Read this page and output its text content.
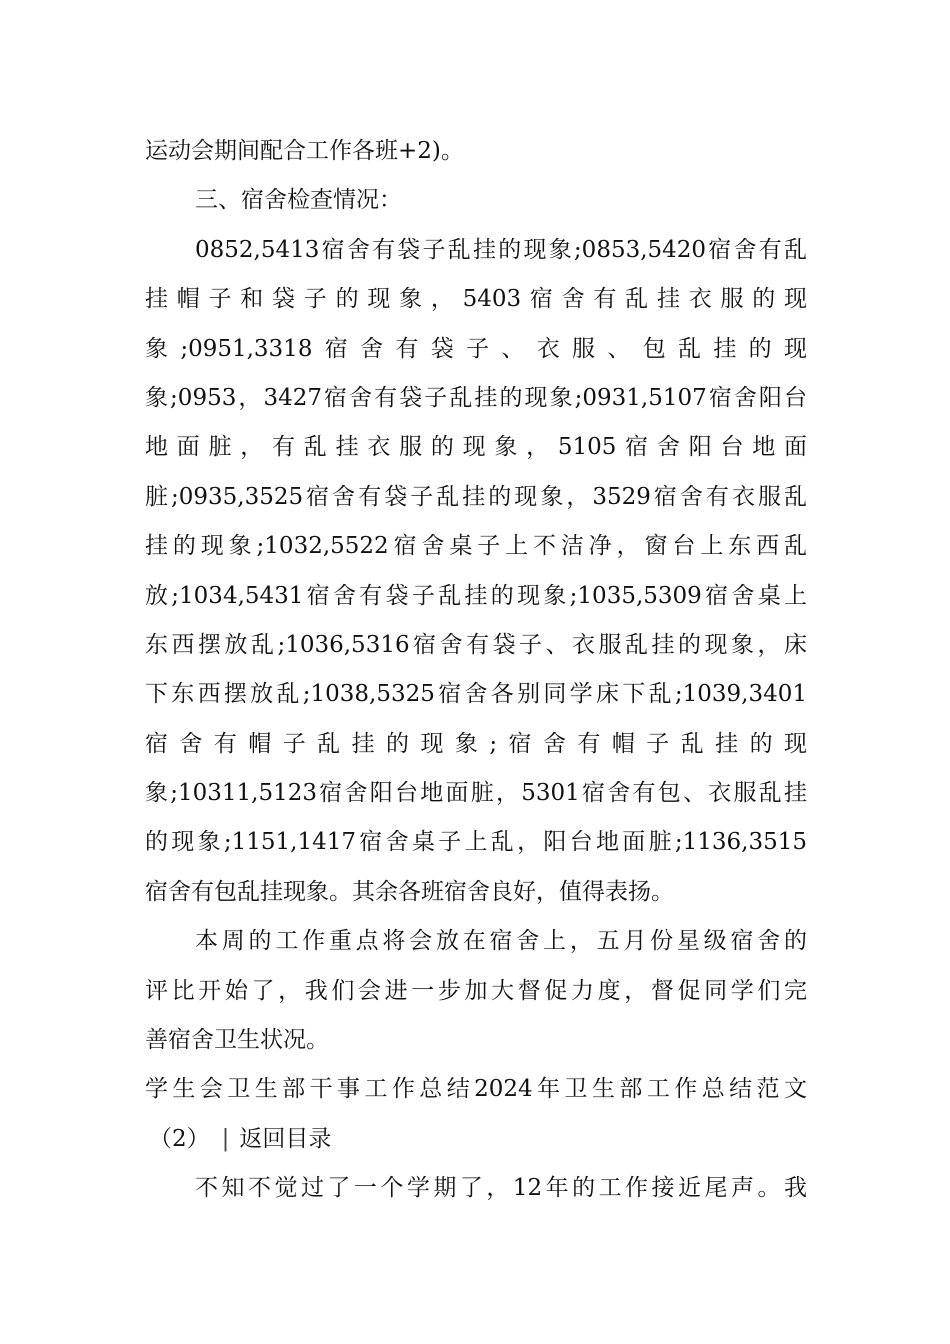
运动会期间配合工作各班+2)。
三、宿舍检查情况：
0852,5413宿舍有袋子乱挂的现象;0853,5420宿舍有乱
挂帽子和袋子的现象，5403宿舍有乱挂衣服的现
象;0951,3318宿舍有袋子、衣服、包乱挂的现
象;0953，3427宿舍有袋子乱挂的现象;0931,5107宿舍阳台
地面脏，有乱挂衣服的现象，5105宿舍阳台地面
脏;0935,3525宿舍有袋子乱挂的现象，3529宿舍有衣服乱
挂的现象;1032,5522宿舍桌子上不洁净，窗台上东西乱
放;1034,5431宿舍有袋子乱挂的现象;1035,5309宿舍桌上
东西摆放乱;1036,5316宿舍有袋子、衣服乱挂的现象，床
下东西摆放乱;1038,5325宿舍各别同学床下乱;1039,3401
宿舍有帽子乱挂的现象;宿舍有帽子乱挂的现
象;10311,5123宿舍阳台地面脏，5301宿舍有包、衣服乱挂
的现象;1151,1417宿舍桌子上乱，阳台地面脏;1136,3515
宿舍有包乱挂现象。其余各班宿舍良好，值得表扬。
本周的工作重点将会放在宿舍上，五月份星级宿舍的
评比开始了，我们会进一步加大督促力度，督促同学们完
善宿舍卫生状况。
学生会卫生部干事工作总结2024年卫生部工作总结范文
（2） | 返回目录
不知不觉过了一个学期了，12年的工作接近尾声。我
